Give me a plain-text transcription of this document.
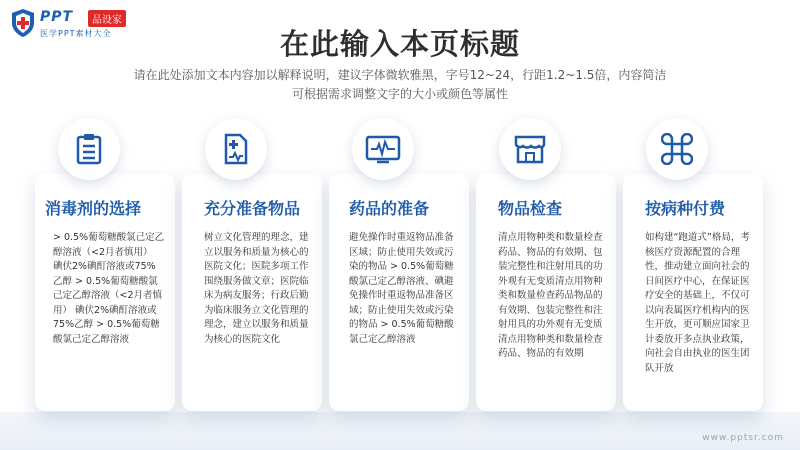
PPT	品设家
医学PPT素材大全	在此输入本页标题
请在此处添加文本内容加以解释说明，建议字体微软雅黑，字号12~24，行距1.2~1.5倍，内容简洁
可根据需求调整文字的大小或颜色等属性
消毒剂的选择
> 0.5%葡萄糖酸氯己定乙醇溶液（<2月者慎用） 碘伏2%碘酊溶液或75%乙醇 > 0.5%葡萄糖酸氯己定乙醇溶液（<2月者慎用） 碘伏2%碘酊溶液或75%乙醇 > 0.5%葡萄糖酸氯己定乙醇溶液
充分准备物品
树立文化管理的理念，建立以服务和质量为核心的医院文化；医院多项工作围绕服务做文章；医院临床为病友服务；行政后勤为临床服务立文化管理的理念，建立以服务和质量为核心的医院文化
药品的准备
避免操作时重返物品准备区域；防止使用失效或污染的物品 > 0.5%葡萄糖酸氯己定乙醇溶液、碘避免操作时重返物品准备区域；防止使用失效或污染的物品 > 0.5%葡萄糖酸氯己定乙醇溶液
物品检查
清点用物种类和数量检查药品、物品的有效期、包装完整性和注射用具的功外观有无变质清点用物种类和数量检查药品物品的有效期、包装完整性和注射用具的功外观有无变质清点用物种类和数量检查药品、物品的有效期
按病种付费
如构建“跑道式”格局，考核医疗资源配置的合理性，推动建立面向社会的日间医疗中心，在保证医疗安全的基础上，不仅可以向表属医疗机构内的医生开放，更可顺应国家卫计委放开多点执业政策，向社会自由执业的医生团队开放
www.pptsr.com
